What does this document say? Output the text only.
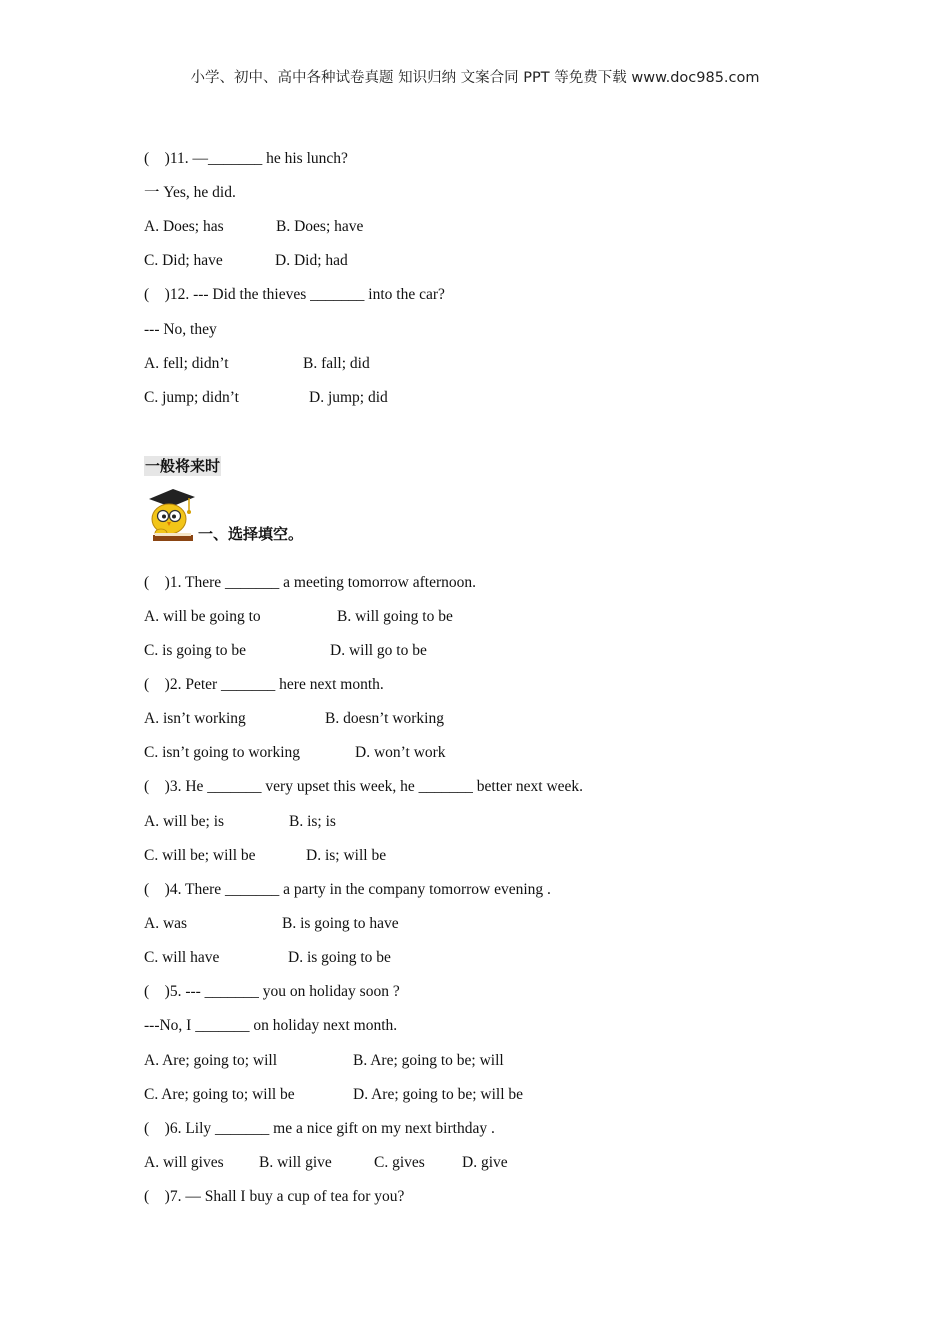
小学、初中、高中各种试卷真题 知识归纳 文案合同 PPT 等免费下载 www.doc985.com
(    )11. —_______ he his lunch?
一 Yes, he did.

A. Does; has

	B. Does; have

C. Did; have

	D. Did; had

(    )12. --- Did the thieves _______ into the car?
--- No, they

A. fell; didn’t

	B. fall; did

C. jump; didn’t

	D. jump; did

一般将来时
一、选择填空。
(    )1. There _______ a meeting tomorrow afternoon.

A. will be going to

	B. will going to be

C. is going to be

	D. will go to be

(    )2. Peter _______ here next month.

A. isn’t working

	B. doesn’t working

C. isn’t going to working

	D. won’t work

(    )3. He _______ very upset this week, he _______ better next week.

A. will be; is

	B. is; is

C. will be; will be

	D. is; will be

(    )4. There _______ a party in the company tomorrow evening .

A. was

	B. is going to have

C. will have

	D. is going to be

(    )5. --- _______ you on holiday soon ?
---No, I _______ on holiday next month.

A. Are; going to; will

	B. Are; going to be; will

C. Are; going to; will be

	D. Are; going to be; will be

(    )6. Lily _______ me a nice gift on my next birthday .

A. will gives

B. will give

	C. gives

D. give

(    )7. — Shall I buy a cup of tea for you?
